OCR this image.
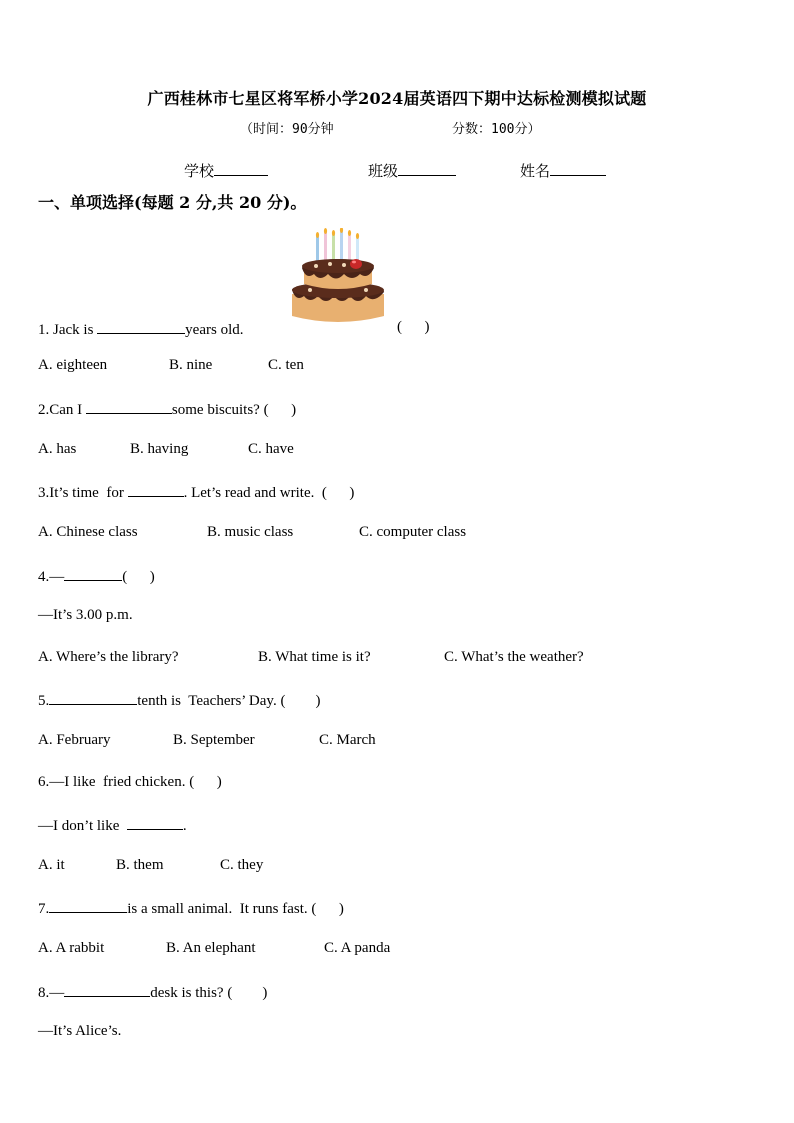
广西桂林市七星区将军桥小学2024届英语四下期中达标检测模拟试题
（时间：90分钟	分数：100分）
学校	班级	姓名
一、单项选择(每题 2 分,共 20 分)。
1. Jack is	years old.	(      )
A. eighteen	B. nine	C. ten
2.Can I	some biscuits? (      )
A. has	B. having	C. have
3.It’s time  for	. Let’s read and write.  (      )
A. Chinese class	B. music class	C. computer class
4.—	(      )
—It’s 3.00 p.m.
A. Where’s the library?	B. What time is it?	C. What’s the weather?
5.	tenth is  Teachers’ Day. (        )
A. February	B. September	C. March
6.—I like  fried chicken. (      )
—I don’t like	.
A. it	B. them	C. they
7.	is a small animal.  It runs fast. (      )
A. A rabbit	B. An elephant	C. A panda
8.—	desk is this? (        )
—It’s Alice’s.
